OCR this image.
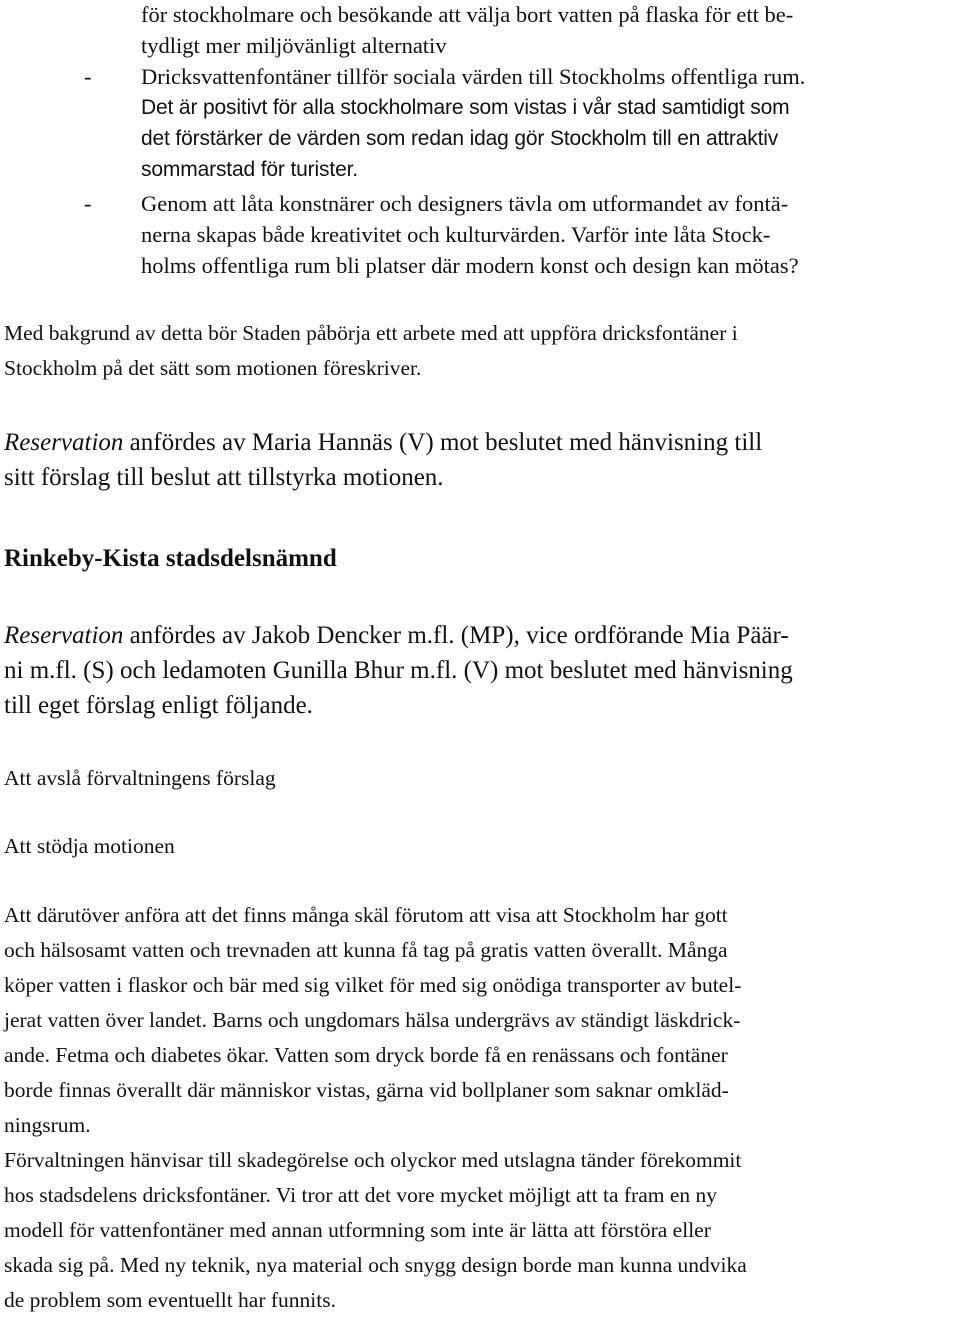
för stockholmare och besökande att välja bort vatten på flaska för ett be-
tydligt mer miljövänligt alternativ
- Dricksvattenfontäner tillför sociala värden till Stockholms offentliga rum.
Det är positivt för alla stockholmare som vistas i vår stad samtidigt som
det förstärker de värden som redan idag gör Stockholm till en attraktiv
sommarstad för turister.
- Genom att låta konstnärer och designers tävla om utformandet av fontä-
nerna skapas både kreativitet och kulturvärden. Varför inte låta Stock-
holms offentliga rum bli platser där modern konst och design kan mötas?
Med bakgrund av detta bör Staden påbörja ett arbete med att uppföra dricksfontäner i
Stockholm på det sätt som motionen föreskriver.
Reservation anfördes av Maria Hannäs (V) mot beslutet med hänvisning till
sitt förslag till beslut att tillstyrka motionen.
Rinkeby-Kista stadsdelsnämnd
Reservation anfördes av Jakob Dencker m.fl. (MP), vice ordförande Mia Päär-
ni m.fl. (S) och ledamoten Gunilla Bhur m.fl. (V) mot beslutet med hänvisning
till eget förslag enligt följande.
Att avslå förvaltningens förslag
Att stödja motionen
Att därutöver anföra att det finns många skäl förutom att visa att Stockholm har gott
och hälsosamt vatten och trevnaden att kunna få tag på gratis vatten överallt. Många
köper vatten i flaskor och bär med sig vilket för med sig onödiga transporter av butel-
jerat vatten över landet. Barns och ungdomars hälsa undergrävs av ständigt läskdrick-
ande. Fetma och diabetes ökar. Vatten som dryck borde få en renässans och fontäner
borde finnas överallt där människor vistas, gärna vid bollplaner som saknar omkläd-
ningsrum.
Förvaltningen hänvisar till skadegörelse och olyckor med utslagna tänder förekommit
hos stadsdelens dricksfontäner. Vi tror att det vore mycket möjligt att ta fram en ny
modell för vattenfontäner med annan utformning som inte är lätta att förstöra eller
skada sig på. Med ny teknik, nya material och snygg design borde man kunna undvika
de problem som eventuellt har funnits.
